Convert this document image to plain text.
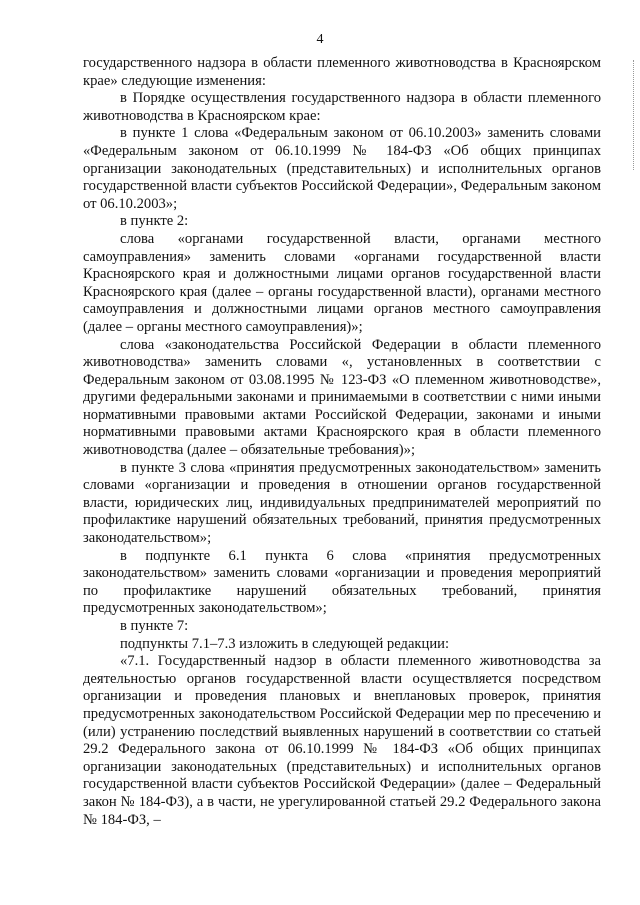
4

государственного надзора в области племенного животноводства в Красноярском крае» следующие изменения:

в Порядке осуществления государственного надзора в области племенного животноводства в Красноярском крае:

в пункте 1 слова «Федеральным законом от 06.10.2003» заменить словами «Федеральным законом от 06.10.1999 № 184-ФЗ «Об общих принципах организации законодательных (представительных) и исполнительных органов государственной власти субъектов Российской Федерации», Федеральным законом от 06.10.2003»;

в пункте 2:

слова «органами государственной власти, органами местного самоуправления» заменить словами «органами государственной власти Красноярского края и должностными лицами органов государственной власти Красноярского края (далее – органы государственной власти), органами местного самоуправления и должностными лицами органов местного самоуправления (далее – органы местного самоуправления)»;

слова «законодательства Российской Федерации в области племенного животноводства» заменить словами «, установленных в соответствии с Федеральным законом от 03.08.1995 № 123-ФЗ «О племенном животноводстве», другими федеральными законами и принимаемыми в соответствии с ними иными нормативными правовыми актами Российской Федерации, законами и иными нормативными правовыми актами Красноярского края в области племенного животноводства (далее – обязательные требования)»;

в пункте 3 слова «принятия предусмотренных законодательством» заменить словами «организации и проведения в отношении органов государственной власти, юридических лиц, индивидуальных предпринимателей мероприятий по профилактике нарушений обязательных требований, принятия предусмотренных законодательством»;

в подпункте 6.1 пункта 6 слова «принятия предусмотренных законодательством» заменить словами «организации и проведения мероприятий по профилактике нарушений обязательных требований, принятия предусмотренных законодательством»;

в пункте 7:

подпункты 7.1–7.3 изложить в следующей редакции:

«7.1. Государственный надзор в области племенного животноводства за деятельностью органов государственной власти осуществляется посредством организации и проведения плановых и внеплановых проверок, принятия предусмотренных законодательством Российской Федерации мер по пресечению и (или) устранению последствий выявленных нарушений в соответствии со статьей 29.2 Федерального закона от 06.10.1999 № 184-ФЗ «Об общих принципах организации законодательных (представительных) и исполнительных органов государственной власти субъектов Российской Федерации» (далее – Федеральный закон № 184-ФЗ), а в части, не урегулированной статьей 29.2 Федерального закона № 184-ФЗ, –
